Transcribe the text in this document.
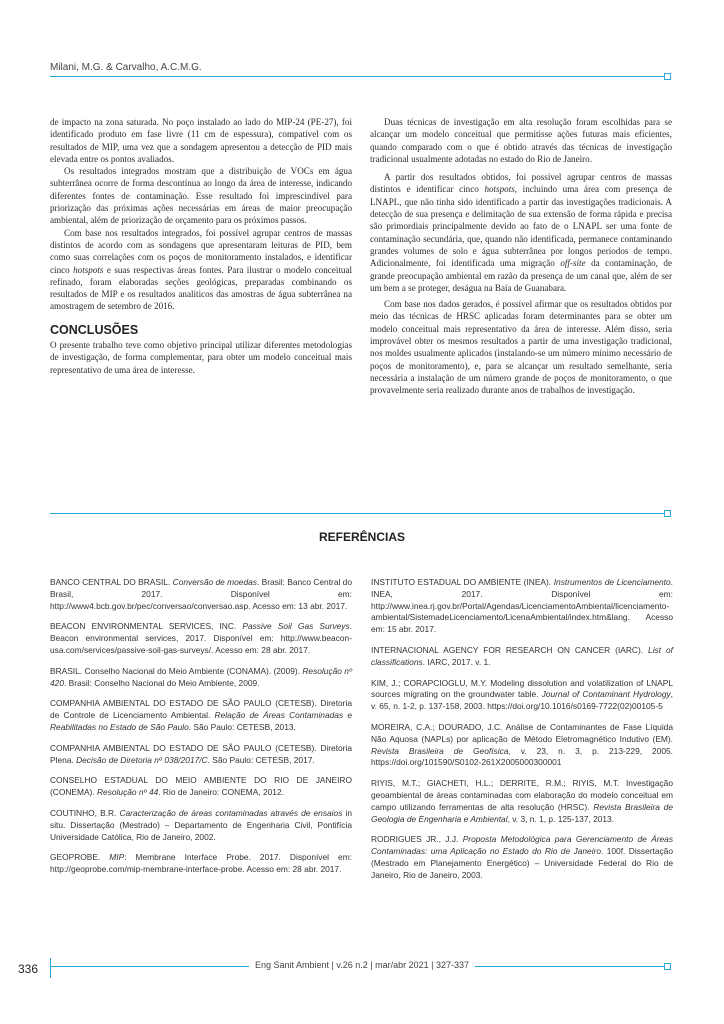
Milani, M.G. & Carvalho, A.C.M.G.

de impacto na zona saturada. No poço instalado ao lado do MIP-24 (PE-27), foi identificado produto em fase livre (11 cm de espessura), compatível com os resultados de MIP, uma vez que a sondagem apresentou a detecção de PID mais elevada entre os pontos avaliados.

Os resultados integrados mostram que a distribuição de VOCs em água subterrânea ocorre de forma descontínua ao longo da área de interesse, indicando diferentes fontes de contaminação. Esse resultado foi imprescindível para priorização das próximas ações necessárias em áreas de maior preocupação ambiental, além de priorização de orçamento para os próximos passos.

Com base nos resultados integrados, foi possível agrupar centros de massas distintos de acordo com as sondagens que apresentaram leituras de PID, bem como suas correlações com os poços de monitoramento instalados, e identificar cinco hotspots e suas respectivas áreas fontes. Para ilustrar o modelo conceitual refinado, foram elaboradas seções geológicas, preparadas combinando os resultados de MIP e os resultados analíticos das amostras de água subterrânea na amostragem de setembro de 2016.

CONCLUSÕES

O presente trabalho teve como objetivo principal utilizar diferentes metodologias de investigação, de forma complementar, para obter um modelo conceitual mais representativo de uma área de interesse.

Duas técnicas de investigação em alta resolução foram escolhidas para se alcançar um modelo conceitual que permitisse ações futuras mais eficientes, quando comparado com o que é obtido através das técnicas de investigação tradicional usualmente adotadas no estado do Rio de Janeiro.

A partir dos resultados obtidos, foi possível agrupar centros de massas distintos e identificar cinco hotspots, incluindo uma área com presença de LNAPL, que não tinha sido identificado a partir das investigações tradicionais. A detecção de sua presença e delimitação de sua extensão de forma rápida e precisa são primordiais principalmente devido ao fato de o LNAPL ser uma fonte de contaminação secundária, que, quando não identificada, permanece contaminando grandes volumes de solo e água subterrânea por longos períodos de tempo. Adicionalmente, foi identificada uma migração off-site da contaminação, de grande preocupação ambiental em razão da presença de um canal que, além de ser um bem a se proteger, deságua na Baía de Guanabara.

Com base nos dados gerados, é possível afirmar que os resultados obtidos por meio das técnicas de HRSC aplicadas foram determinantes para se obter um modelo conceitual mais representativo da área de interesse. Além disso, seria improvável obter os mesmos resultados a partir de uma investigação tradicional, nos moldes usualmente aplicados (instalando-se um número mínimo necessário de poços de monitoramento), e, para se alcançar um resultado semelhante, seria necessária a instalação de um número grande de poços de monitoramento, o que provavelmente seria realizado durante anos de trabalhos de investigação.

REFERÊNCIAS
BANCO CENTRAL DO BRASIL. Conversão de moedas. Brasil: Banco Central do Brasil, 2017. Disponível em: http://www4.bcb.gov.br/pec/conversao/conversao.asp. Acesso em: 13 abr. 2017.
BEACON ENVIRONMENTAL SERVICES, INC. Passive Soil Gas Surveys. Beacon environmental services, 2017. Disponível em: http://www.beacon-usa.com/services/passive-soil-gas-surveys/. Acesso em: 28 abr. 2017.
BRASIL. Conselho Nacional do Meio Ambiente (CONAMA). (2009). Resolução nº 420. Brasil: Conselho Nacional do Meio Ambiente, 2009.
COMPANHIA AMBIENTAL DO ESTADO DE SÃO PAULO (CETESB). Diretoria de Controle de Licenciamento Ambiental. Relação de Áreas Contaminadas e Reabilitadas no Estado de São Paulo. São Paulo: CETESB, 2013.
COMPANHIA AMBIENTAL DO ESTADO DE SÃO PAULO (CETESB). Diretoria Plena. Decisão de Diretoria nº 038/2017/C. São Paulo: CETESB, 2017.
CONSELHO ESTADUAL DO MEIO AMBIENTE DO RIO DE JANEIRO (CONEMA). Resolução nº 44. Rio de Janeiro: CONEMA, 2012.
COUTINHO, B.R. Caracterização de áreas contaminadas através de ensaios in situ. Dissertação (Mestrado) – Departamento de Engenharia Civil, Pontifícia Universidade Católica, Rio de Janeiro, 2002.
GEOPROBE. MIP: Membrane Interface Probe. 2017. Disponível em: http://geoprobe.com/mip-membrane-interface-probe. Acesso em: 28 abr. 2017.
INSTITUTO ESTADUAL DO AMBIENTE (INEA). Instrumentos de Licenciamento. INEA, 2017. Disponível em: http://www.inea.rj.gov.br/Portal/Agendas/LicenciamentoAmbiental/licenciamento-ambiental/SistemadeLicenciamento/LicenaAmbiental/index.htm&lang. Acesso em: 15 abr. 2017.
INTERNACIONAL AGENCY FOR RESEARCH ON CANCER (IARC). List of classifications. IARC, 2017. v. 1.
KIM, J.; CORAPCIOGLU, M.Y. Modeling dissolution and volatilization of LNAPL sources migrating on the groundwater table. Journal of Contaminant Hydrology, v. 65, n. 1-2, p. 137-158, 2003. https://doi.org/10.1016/s0169-7722(02)00105-5
MOREIRA, C.A.; DOURADO, J.C. Análise de Contaminantes de Fase Líquida Não Aquosa (NAPLs) por aplicação de Método Eletromagnético Indutivo (EM). Revista Brasileira de Geofísica, v. 23, n. 3, p. 213-229, 2005. https://doi.org/101590/S0102-261X2005000300001
RIYIS, M.T.; GIACHETI, H.L.; DERRITE, R.M.; RIYIS, M.T. Investigação geoambiental de áreas contaminadas com elaboração do modelo conceitual em campo utilizando ferramentas de alta resolução (HRSC). Revista Brasileira de Geologia de Engenharia e Ambiental, v. 3, n. 1, p. 125-137, 2013.
RODRIGUES JR., J.J. Proposta Metodológica para Gerenciamento de Áreas Contaminadas: uma Aplicação no Estado do Rio de Janeiro. 100f. Dissertação (Mestrado em Planejamento Energético) – Universidade Federal do Rio de Janeiro, Rio de Janeiro, 2003.
336	Eng Sanit Ambient | v.26 n.2 | mar/abr 2021 | 327-337
